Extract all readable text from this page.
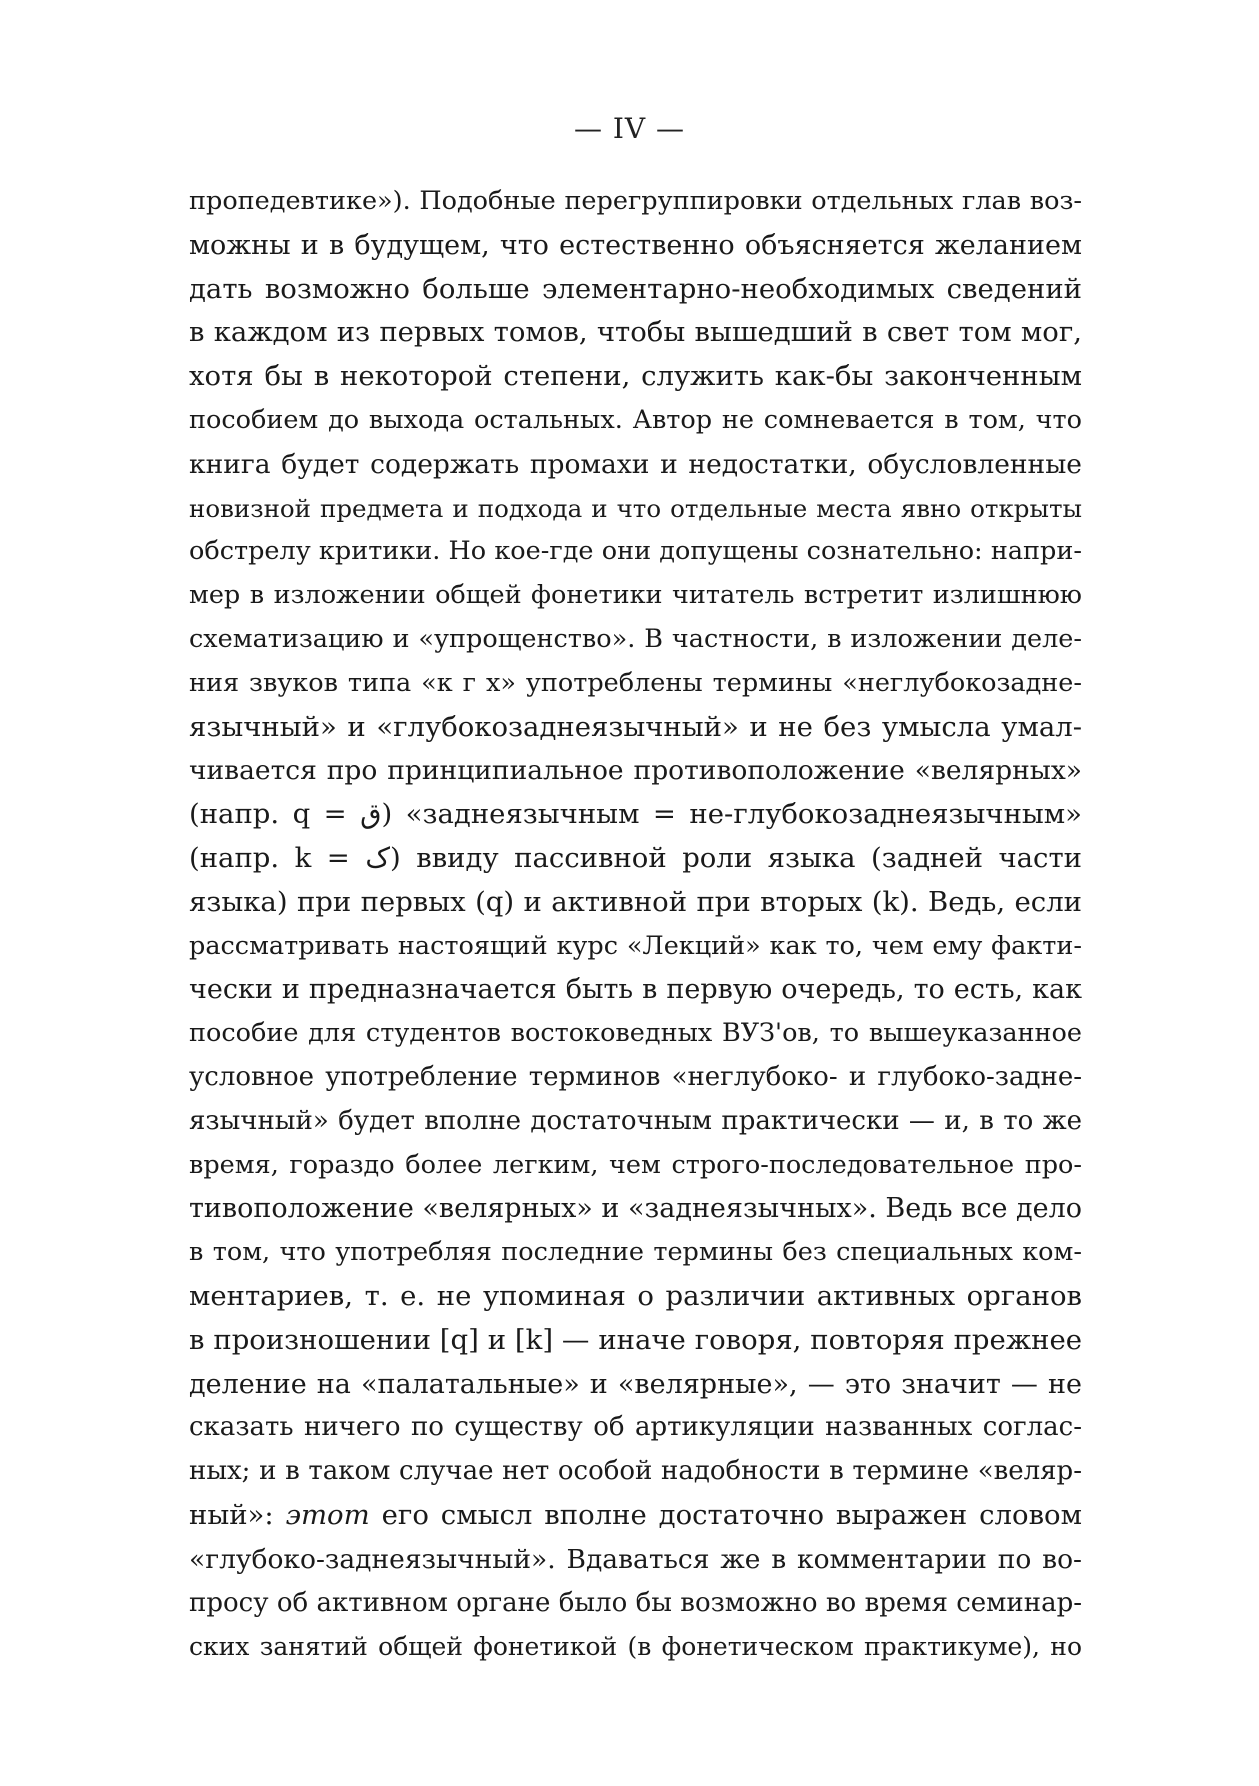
— IV —
пропедевтике»). Подобные перегруппировки отдельных глав воз-
можны и в будущем, что естественно объясняется желанием
дать возможно больше элементарно-необходимых сведений
в каждом из первых томов, чтобы вышедший в свет том мог,
хотя бы в некоторой степени, служить как-бы законченным
пособием до выхода остальных. Автор не сомневается в том, что
книга будет содержать промахи и недостатки, обусловленные
новизной предмета и подхода и что отдельные места явно открыты
обстрелу критики. Но кое-где они допущены сознательно: напри-
мер в изложении общей фонетики читатель встретит излишнюю
схематизацию и «упрощенство». В частности, в изложении деле-
ния звуков типа «к г х» употреблены термины «неглубокозадне-
язычный» и «глубокозаднеязычный» и не без умысла умал-
чивается про принципиальное противоположение «велярных»
(напр. q = ق) «заднеязычным = не-глубокозаднеязычным»
(напр. k = ک) ввиду пассивной роли языка (задней части
языка) при первых (q) и активной при вторых (k). Ведь, если
рассматривать настоящий курс «Лекций» как то, чем ему факти-
чески и предназначается быть в первую очередь, то есть, как
пособие для студентов востоковедных ВУЗ'ов, то вышеуказанное
условное употребление терминов «неглубоко- и глубоко-задне-
язычный» будет вполне достаточным практически — и, в то же
время, гораздо более легким, чем строго-последовательное про-
тивоположение «велярных» и «заднеязычных». Ведь все дело
в том, что употребляя последние термины без специальных ком-
ментариев, т. е. не упоминая о различии активных органов
в произношении [q] и [k] — иначе говоря, повторяя прежнее
деление на «палатальные» и «велярные», — это значит — не
сказать ничего по существу об артикуляции названных соглас-
ных; и в таком случае нет особой надобности в термине «веляр-
ный»: этот его смысл вполне достаточно выражен словом
«глубоко-заднеязычный». Вдаваться же в комментарии по во-
просу об активном органе было бы возможно во время семинар-
ских занятий общей фонетикой (в фонетическом практикуме), но
